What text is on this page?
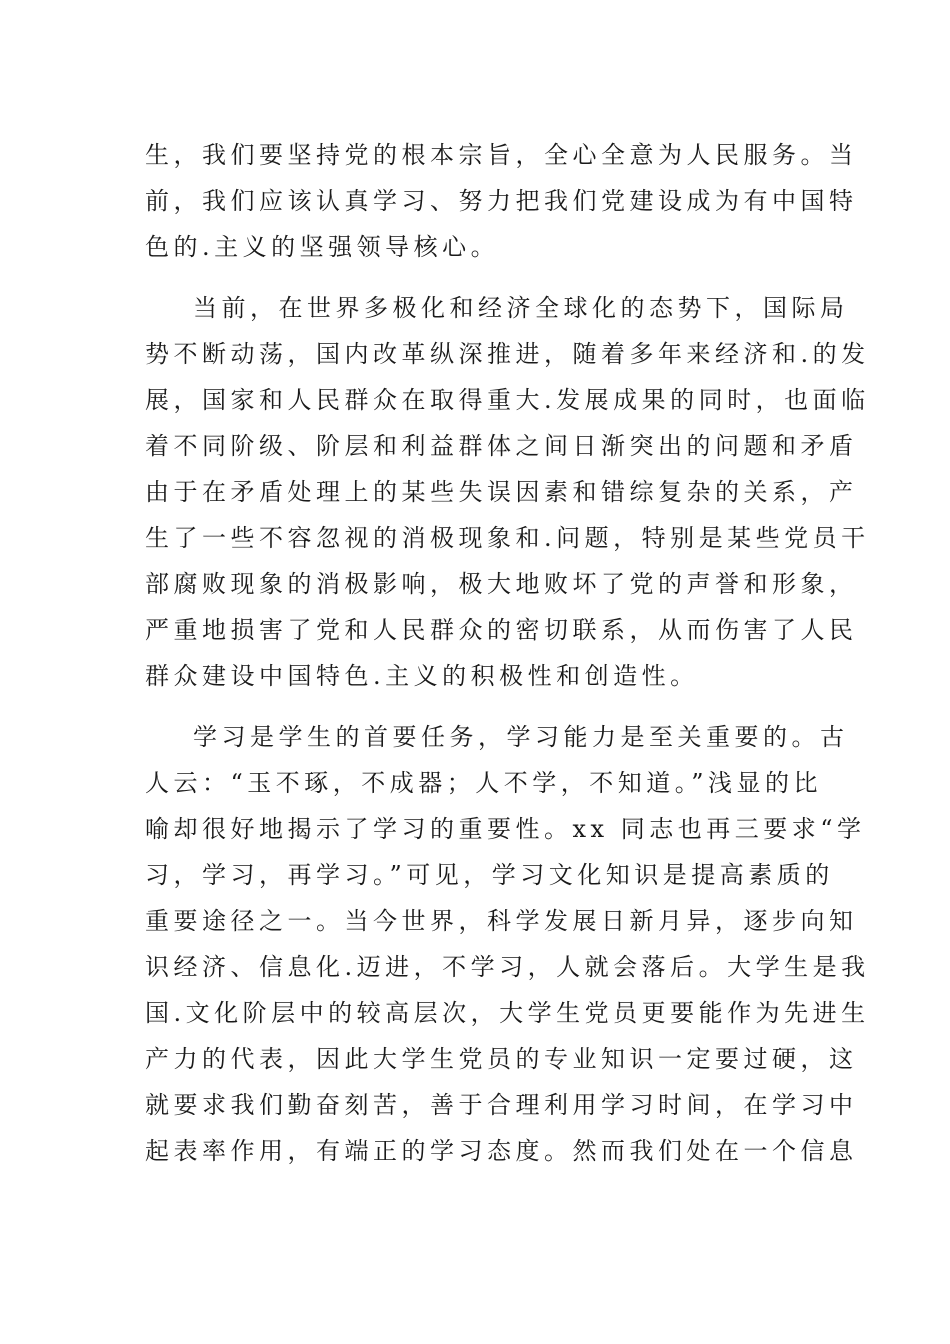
生，我们要坚持党的根本宗旨，全心全意为人民服务。当
前，我们应该认真学习、努力把我们党建设成为有中国特
色的.主义的坚强领导核心。
当前，在世界多极化和经济全球化的态势下，国际局
势不断动荡，国内改革纵深推进，随着多年来经济和.的发
展，国家和人民群众在取得重大.发展成果的同时，也面临
着不同阶级、阶层和利益群体之间日渐突出的问题和矛盾
由于在矛盾处理上的某些失误因素和错综复杂的关系，产
生了一些不容忽视的消极现象和.问题，特别是某些党员干
部腐败现象的消极影响，极大地败坏了党的声誉和形象，
严重地损害了党和人民群众的密切联系，从而伤害了人民
群众建设中国特色.主义的积极性和创造性。
学习是学生的首要任务，学习能力是至关重要的。古
人云：“玉不琢，不成器；人不学，不知道。”浅显的比
喻却很好地揭示了学习的重要性。xx 同志也再三要求“学
习，学习，再学习。”可见，学习文化知识是提高素质的
重要途径之一。当今世界，科学发展日新月异，逐步向知
识经济、信息化.迈进，不学习，人就会落后。大学生是我
国.文化阶层中的较高层次，大学生党员更要能作为先进生
产力的代表，因此大学生党员的专业知识一定要过硬，这
就要求我们勤奋刻苦，善于合理利用学习时间，在学习中
起表率作用，有端正的学习态度。然而我们处在一个信息
